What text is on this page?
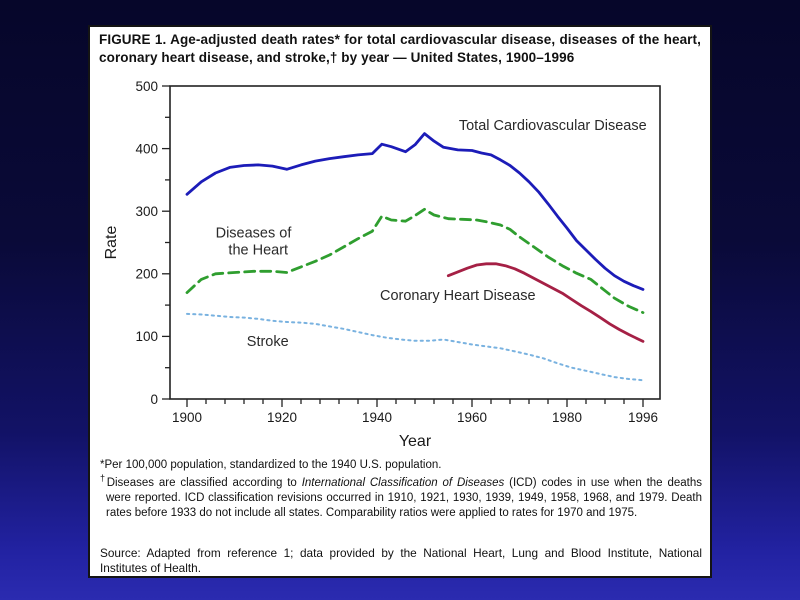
FIGURE 1. Age-adjusted death rates* for total cardiovascular disease, diseases of the heart, coronary heart disease, and stroke,† by year — United States, 1900–1996
0
100
200
300
400
500
1900	1920	1940	1960	1980	1996
Rate
Year
Total Cardiovascular Disease
Diseases of
the Heart
Coronary Heart Disease
Stroke
*Per 100,000 population, standardized to the 1940 U.S. population.
†Diseases are classified according to International Classification of Diseases (ICD) codes in use when the deaths were reported. ICD classification revisions occurred in 1910, 1921, 1930, 1939, 1949, 1958, 1968, and 1979. Death rates before 1933 do not include all states. Comparability ratios were applied to rates for 1970 and 1975.
Source: Adapted from reference 1; data provided by the National Heart, Lung and Blood Institute, National Institutes of Health.
